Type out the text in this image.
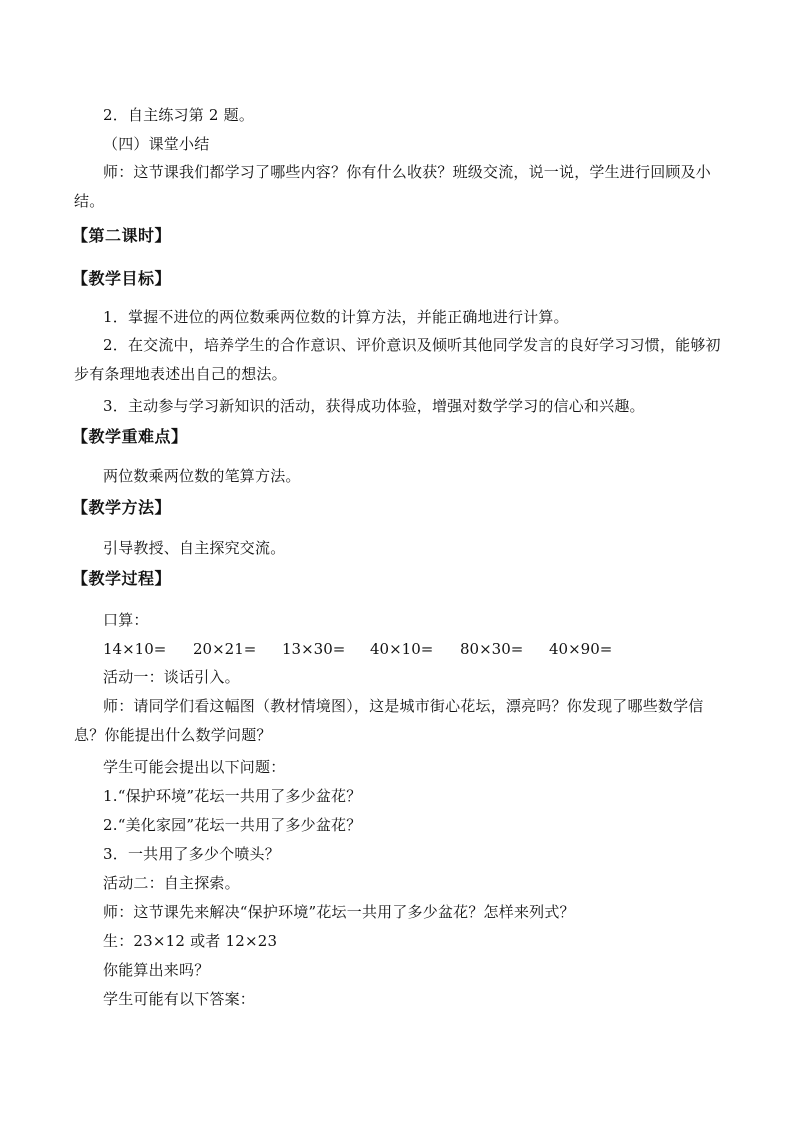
2．自主练习第 2 题。
（四）课堂小结
师：这节课我们都学习了哪些内容？你有什么收获？班级交流，说一说，学生进行回顾及小结。
【第二课时】
【教学目标】
1．掌握不进位的两位数乘两位数的计算方法，并能正确地进行计算。
2．在交流中，培养学生的合作意识、评价意识及倾听其他同学发言的良好学习习惯，能够初步有条理地表述出自己的想法。
3．主动参与学习新知识的活动，获得成功体验，增强对数学学习的信心和兴趣。
【教学重难点】
两位数乘两位数的笔算方法。
【教学方法】
引导教授、自主探究交流。
【教学过程】
口算：
14×10= 20×21= 13×30= 40×10= 80×30= 40×90=
活动一：谈话引入。
师：请同学们看这幅图（教材情境图），这是城市街心花坛，漂亮吗？你发现了哪些数学信息？你能提出什么数学问题？
学生可能会提出以下问题：
1.“保护环境”花坛一共用了多少盆花？
2.“美化家园”花坛一共用了多少盆花？
3．一共用了多少个喷头？
活动二：自主探索。
师：这节课先来解决“保护环境”花坛一共用了多少盆花？怎样来列式？
生：23×12 或者 12×23
你能算出来吗？
学生可能有以下答案：
